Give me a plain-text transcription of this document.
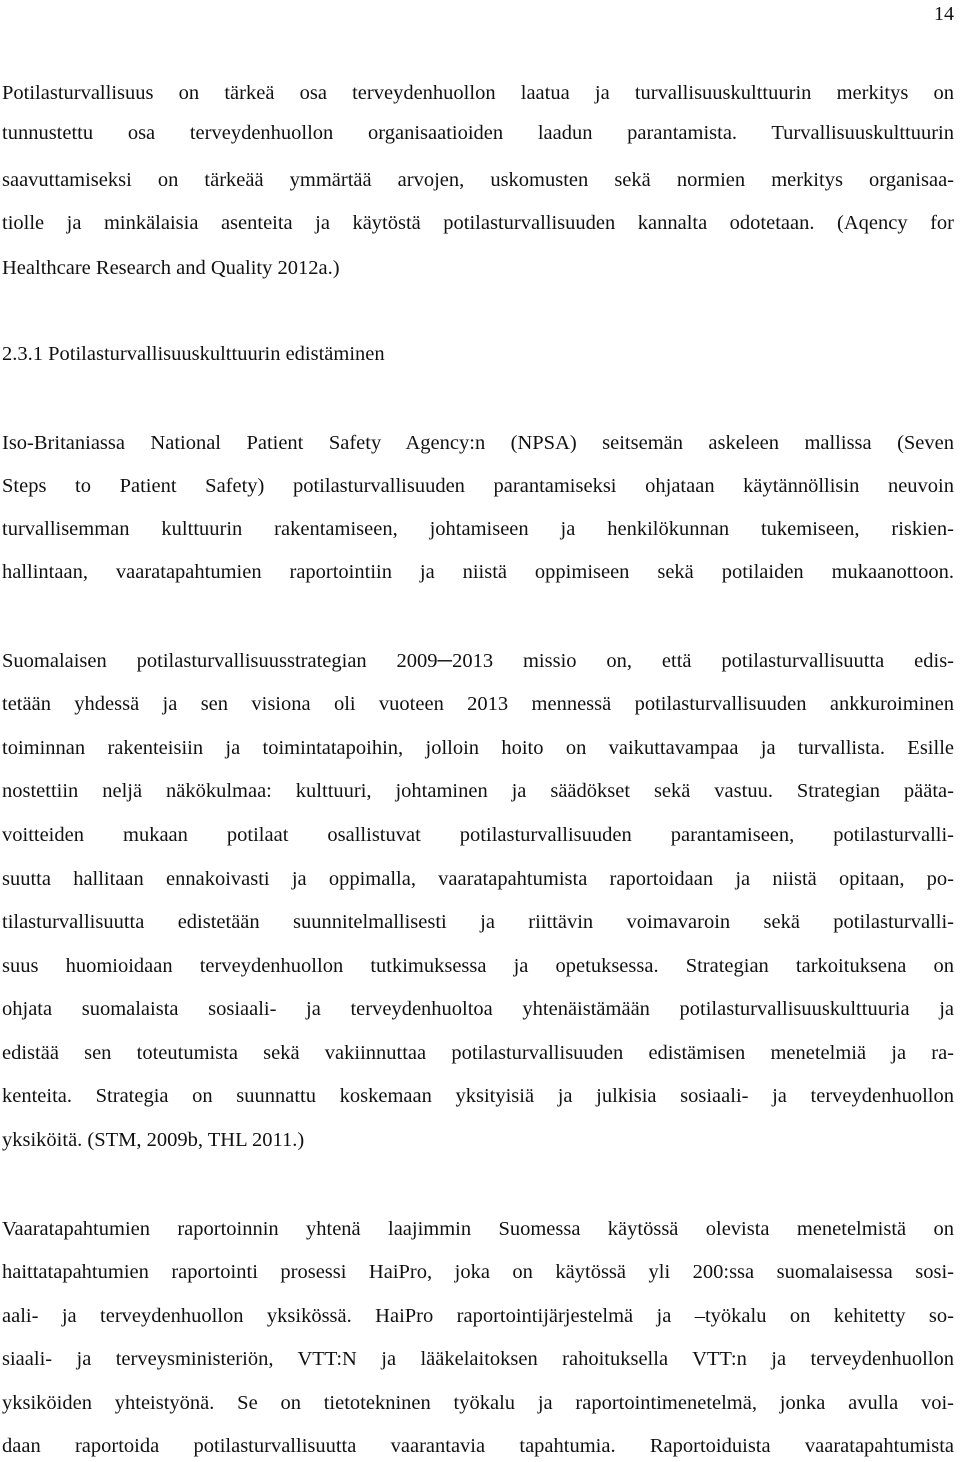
14
Potilasturvallisuus on tärkeä osa terveydenhuollon laatua ja turvallisuuskulttuurin merkitys on
tunnustettu osa terveydenhuollon organisaatioiden laadun parantamista. Turvallisuuskulttuurin
saavuttamiseksi on tärkeää ymmärtää arvojen, uskomusten sekä normien merkitys organisaa-
tiolle ja minkälaisia asenteita ja käytöstä potilasturvallisuuden kannalta odotetaan. (Aqency for
Healthcare Research and Quality 2012a.)
2.3.1 Potilasturvallisuuskulttuurin edistäminen
Iso-Britaniassa National Patient Safety Agency:n (NPSA) seitsemän askeleen mallissa (Seven
Steps to Patient Safety) potilasturvallisuuden parantamiseksi ohjataan käytännöllisin neuvoin
turvallisemman kulttuurin rakentamiseen, johtamiseen ja henkilökunnan tukemiseen, riskien-
hallintaan, vaaratapahtumien raportointiin ja niistä oppimiseen sekä potilaiden mukaanottoon.
Suomalaisen potilasturvallisuusstrategian 2009─2013 missio on, että potilasturvallisuutta edis-
tetään yhdessä ja sen visiona oli vuoteen 2013 mennessä potilasturvallisuuden ankkuroiminen
toiminnan rakenteisiin ja toimintatapoihin, jolloin hoito on vaikuttavampaa ja turvallista. Esille
nostettiin neljä näkökulmaa: kulttuuri, johtaminen ja säädökset sekä vastuu. Strategian pääta-
voitteiden mukaan potilaat osallistuvat potilasturvallisuuden parantamiseen, potilasturvalli-
suutta hallitaan ennakoivasti ja oppimalla, vaaratapahtumista raportoidaan ja niistä opitaan, po-
tilasturvallisuutta edistetään suunnitelmallisesti ja riittävin voimavaroin sekä potilasturvalli-
suus huomioidaan terveydenhuollon tutkimuksessa ja opetuksessa. Strategian tarkoituksena on
ohjata suomalaista sosiaali- ja terveydenhuoltoa yhtenäistämään potilasturvallisuuskulttuuria ja
edistää sen toteutumista sekä vakiinnuttaa potilasturvallisuuden edistämisen menetelmiä ja ra-
kenteita. Strategia on suunnattu koskemaan yksityisiä ja julkisia sosiaali- ja terveydenhuollon
yksiköitä. (STM, 2009b, THL 2011.)
Vaaratapahtumien raportoinnin yhtenä laajimmin Suomessa käytössä olevista menetelmistä on
haittatapahtumien raportointi prosessi HaiPro, joka on käytössä yli 200:ssa suomalaisessa sosi-
aali- ja terveydenhuollon yksikössä. HaiPro raportointijärjestelmä ja –työkalu on kehitetty so-
siaali- ja terveysministeriön, VTT:N ja lääkelaitoksen rahoituksella VTT:n ja terveydenhuollon
yksiköiden yhteistyönä. Se on tietotekninen työkalu ja raportointimenetelmä, jonka avulla voi-
daan raportoida potilasturvallisuutta vaarantavia tapahtumia. Raportoiduista vaaratapahtumista
